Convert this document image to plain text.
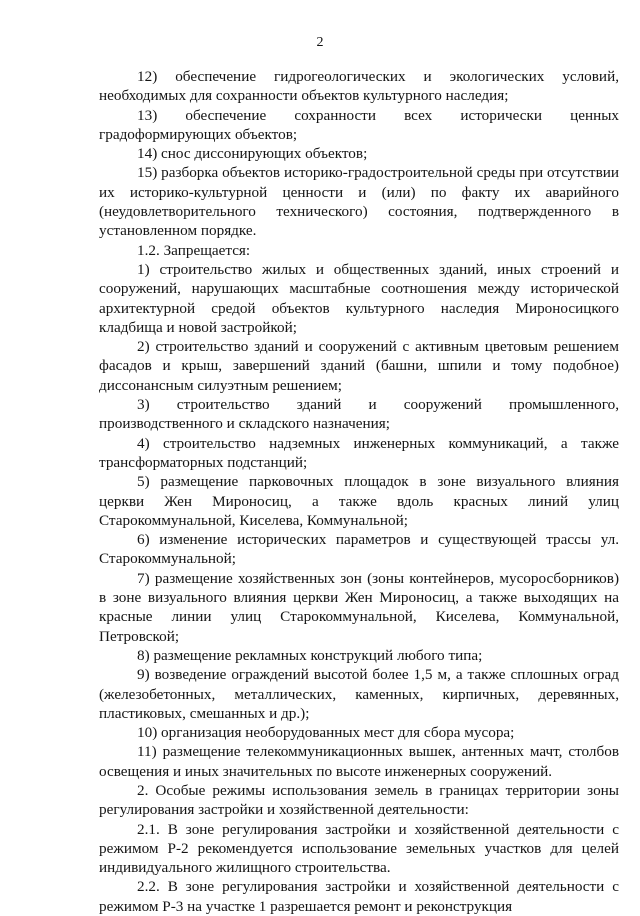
2

12) обеспечение гидрогеологических и экологических условий, необходимых для сохранности объектов культурного наследия;

13) обеспечение сохранности всех исторически ценных градоформирующих объектов;

14) снос диссонирующих объектов;

15) разборка объектов историко-градостроительной среды при отсутствии их историко-культурной ценности и (или) по факту их аварийного (неудовлетворительного технического) состояния, подтвержденного в установленном порядке.

1.2. Запрещается:

1) строительство жилых и общественных зданий, иных строений и сооружений, нарушающих масштабные соотношения между исторической архитектурной средой объектов культурного наследия Мироносицкого кладбища и новой застройкой;

2) строительство зданий и сооружений с активным цветовым решением фасадов и крыш, завершений зданий (башни, шпили и тому подобное) диссонансным силуэтным решением;

3) строительство зданий и сооружений промышленного, производственного и складского назначения;

4) строительство надземных инженерных коммуникаций, а также трансформаторных подстанций;

5) размещение парковочных площадок в зоне визуального влияния церкви Жен Мироносиц, а также вдоль красных линий улиц Старокоммунальной, Киселева, Коммунальной;

6) изменение исторических параметров и существующей трассы ул. Старокоммунальной;

7) размещение хозяйственных зон (зоны контейнеров, мусоросборников) в зоне визуального влияния церкви Жен Мироносиц, а также выходящих на красные линии улиц Старокоммунальной, Киселева, Коммунальной, Петровской;

8) размещение рекламных конструкций любого типа;

9) возведение ограждений высотой более 1,5 м, а также сплошных оград (железобетонных, металлических, каменных, кирпичных, деревянных, пластиковых, смешанных и др.);

10) организация необорудованных мест для сбора мусора;

11) размещение телекоммуникационных вышек, антенных мачт, столбов освещения и иных значительных по высоте инженерных сооружений.

2. Особые режимы использования земель в границах территории зоны регулирования застройки и хозяйственной деятельности:

2.1. В зоне регулирования застройки и хозяйственной деятельности с режимом Р-2 рекомендуется использование земельных участков для целей индивидуального жилищного строительства.

2.2. В зоне регулирования застройки и хозяйственной деятельности с режимом Р-3 на участке 1 разрешается ремонт и реконструкция
